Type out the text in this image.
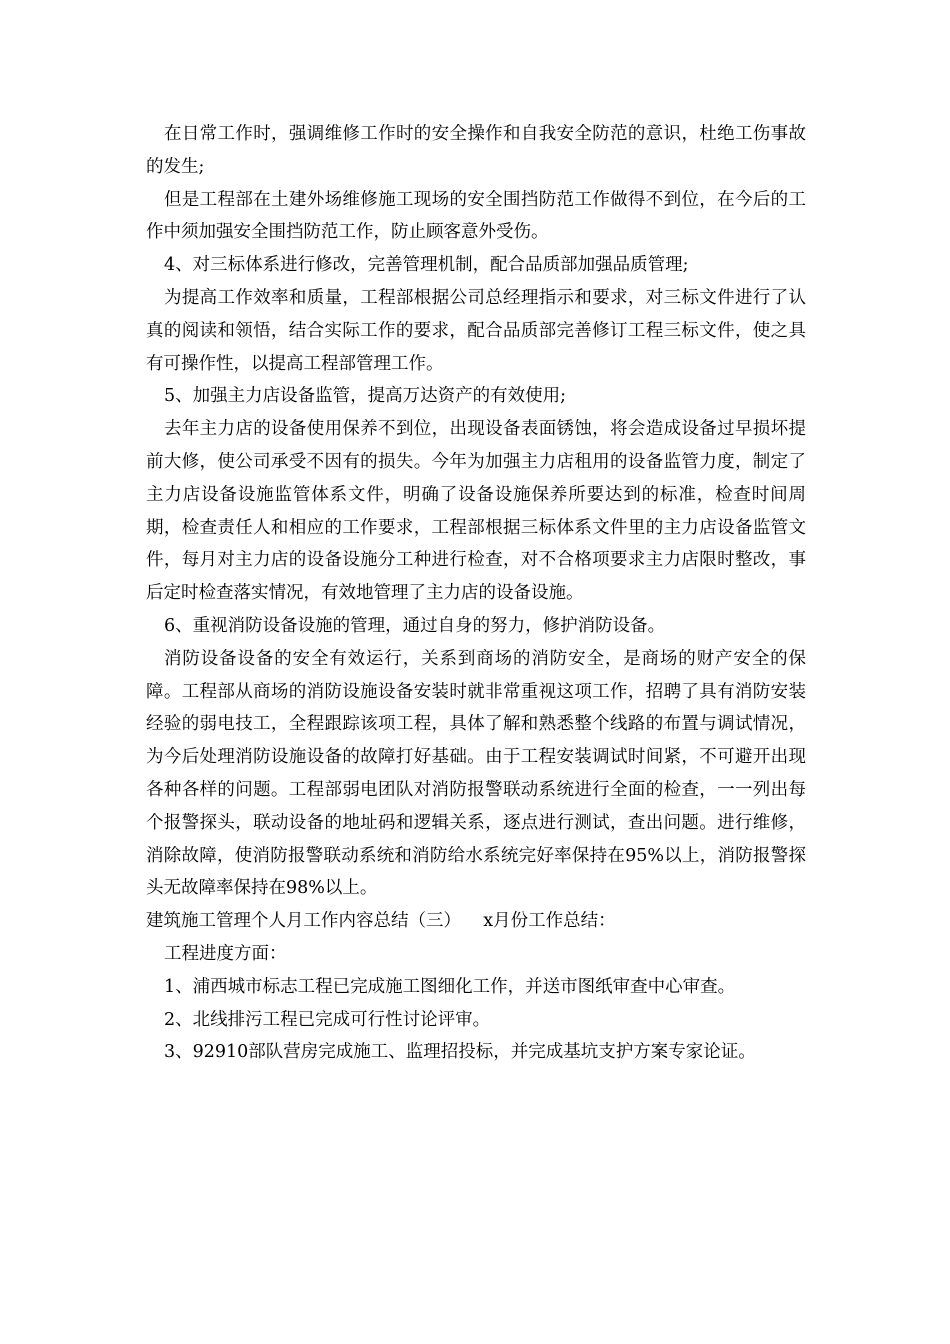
在日常工作时，强调维修工作时的安全操作和自我安全防范的意识，杜绝工伤事故的发生;

但是工程部在土建外场维修施工现场的安全围挡防范工作做得不到位，在今后的工作中须加强安全围挡防范工作，防止顾客意外受伤。

4、对三标体系进行修改，完善管理机制，配合品质部加强品质管理;

为提高工作效率和质量，工程部根据公司总经理指示和要求，对三标文件进行了认真的阅读和领悟，结合实际工作的要求，配合品质部完善修订工程三标文件，使之具有可操作性，以提高工程部管理工作。

5、加强主力店设备监管，提高万达资产的有效使用;

去年主力店的设备使用保养不到位，出现设备表面锈蚀，将会造成设备过早损坏提前大修，使公司承受不因有的损失。今年为加强主力店租用的设备监管力度，制定了主力店设备设施监管体系文件，明确了设备设施保养所要达到的标准，检查时间周期，检查责任人和相应的工作要求，工程部根据三标体系文件里的主力店设备监管文件，每月对主力店的设备设施分工种进行检查，对不合格项要求主力店限时整改，事后定时检查落实情况，有效地管理了主力店的设备设施。

6、重视消防设备设施的管理，通过自身的努力，修护消防设备。

消防设备设备的安全有效运行，关系到商场的消防安全，是商场的财产安全的保障。工程部从商场的消防设施设备安装时就非常重视这项工作，招聘了具有消防安装经验的弱电技工，全程跟踪该项工程，具体了解和熟悉整个线路的布置与调试情况，为今后处理消防设施设备的故障打好基础。由于工程安装调试时间紧，不可避开出现各种各样的问题。工程部弱电团队对消防报警联动系统进行全面的检查，一一列出每个报警探头，联动设备的地址码和逻辑关系，逐点进行测试，查出问题。进行维修，消除故障，使消防报警联动系统和消防给水系统完好率保持在95%以上，消防报警探头无故障率保持在98%以上。

建筑施工管理个人月工作内容总结（三） x月份工作总结：

工程进度方面：

1、浦西城市标志工程已完成施工图细化工作，并送市图纸审查中心审查。

2、北线排污工程已完成可行性讨论评审。

3、92910部队营房完成施工、监理招投标，并完成基坑支护方案专家论证。
